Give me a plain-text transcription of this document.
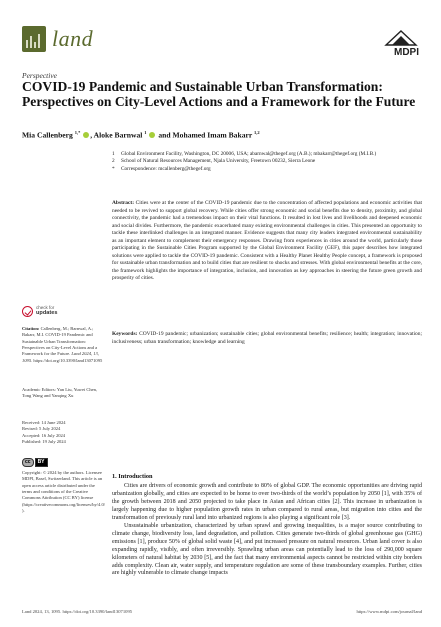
land
MDPI
Perspective
COVID-19 Pandemic and Sustainable Urban Transformation: Perspectives on City-Level Actions and a Framework for the Future
Mia Callenberg $^{1,*}$ , Aloke Barnwal $^1$  and Mohamed Imam Bakarr $^{1,2}$
1	Global Environment Facility, Washington, DC 20006, USA; abarnwal@thegef.org (A.B.); mbakarr@thegef.org (M.I.B.)
2	School of Natural Resources Management, Njala University, Freetown 00232, Sierra Leone
*	Correspondence: mcallenberg@thegef.org
Abstract: Cities were at the center of the COVID-19 pandemic due to the concentration of affected populations and economic activities that needed to be revived to support global recovery. While cities offer strong economic and social benefits due to density, proximity, and global connectivity, the pandemic had a tremendous impact on their vital functions. It resulted in lost lives and livelihoods and deepened economic and social divides. Furthermore, the pandemic exacerbated many existing environmental challenges in cities. This presented an opportunity to tackle these interlinked challenges in an integrated manner. Evidence suggests that many city leaders integrated environmental sustainability as an important element to complement their emergency responses. Drawing from experiences in cities around the world, particularly those participating in the Sustainable Cities Program supported by the Global Environment Facility (GEF), this paper describes how integrated solutions were applied to tackle the COVID-19 pandemic. Consistent with a Healthy Planet Healthy People concept, a framework is proposed for sustainable urban transformation and to build cities that are resilient to shocks and stresses. With global environmental benefits at the core, the framework highlights the importance of integration, inclusion, and innovation as key approaches in steering the future green growth and prosperity of cities.
Keywords: COVID-19 pandemic; urbanization; sustainable cities; global environmental benefits; resilience; health; integration; innovation; inclusiveness; urban transformation; knowledge and learning
check for
updates
Citation: Callenberg, M.; Barnwal, A.; Bakarr, M.I. COVID-19 Pandemic and Sustainable Urban Transformation: Perspectives on City-Level Actions and a Framework for the Future. Land 2024, 13, 1095. https://doi.org/10.3390/land13071095
Academic Editors: Yan Liu, Yuwei Chen, Tong Wang and Yanqing Xu
Received: 14 June 2024
Revised: 5 July 2024
Accepted: 16 July 2024
Published: 19 July 2024
cc	BY
Copyright: © 2024 by the authors. Licensee MDPI, Basel, Switzerland. This article is an open access article distributed under the terms and conditions of the Creative Commons Attribution (CC BY) license (https://creativecommons.org/licenses/by/4.0/).
1. Introduction

Cities are drivers of economic growth and contribute to 80% of global GDP. The economic opportunities are driving rapid urbanization globally, and cities are expected to be home to over two-thirds of the world’s population by 2050 [1], with 35% of the growth between 2018 and 2050 projected to take place in Asian and African cities [2]. This increase in urbanization is largely happening due to higher population growth rates in urban compared to rural areas, but migration into cities and the transformation of previously rural land into urbanized regions is also playing a significant role [3].

Unsustainable urbanization, characterized by urban sprawl and growing inequalities, is a major source contributing to climate change, biodiversity loss, land degradation, and pollution. Cities generate two-thirds of global greenhouse gas (GHG) emissions [1], produce 50% of global solid waste [4], and put increased pressure on natural resources. Urban land cover is also expanding rapidly, visibly, and often irreversibly. Sprawling urban areas can potentially lead to the loss of 290,000 square kilometers of natural habitat by 2030 [5], and the fact that many environmental aspects cannot be restricted within city borders adds complexity. Clean air, water supply, and temperature regulation are some of these transboundary examples. Further, cities are highly vulnerable to climate change impacts

Land 2024, 13, 1095. https://doi.org/10.3390/land13071095	https://www.mdpi.com/journal/land
